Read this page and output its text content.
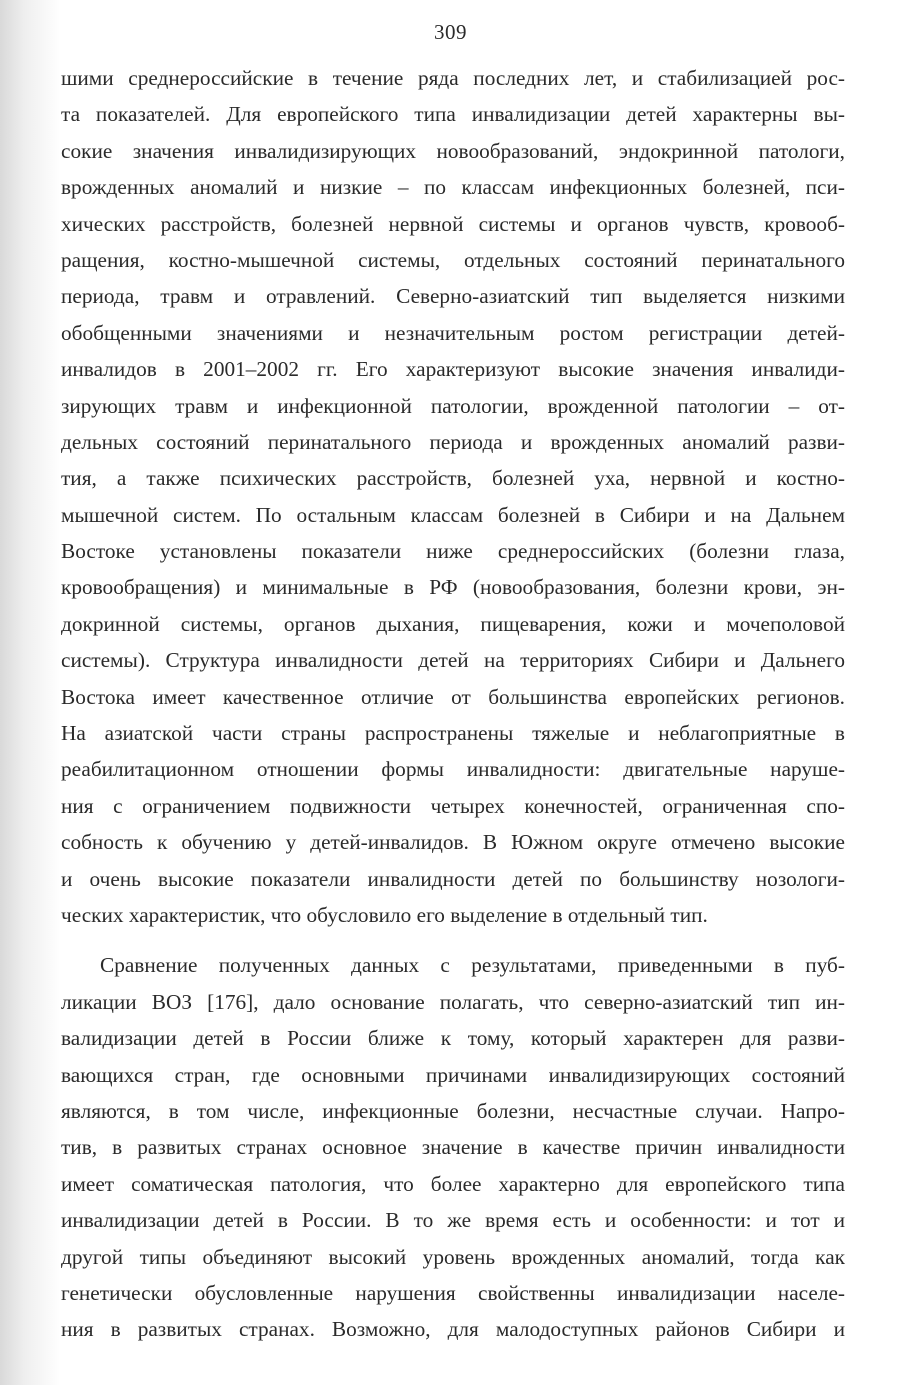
309
шими среднероссийские в течение ряда последних лет, и стабилизацией рос-
та показателей. Для европейского типа инвалидизации детей характерны вы-
сокие значения инвалидизирующих новообразований, эндокринной патологи,
врожденных аномалий и низкие – по классам инфекционных болезней, пси-
хических расстройств, болезней нервной системы и органов чувств, кровооб-
ращения, костно-мышечной системы, отдельных состояний перинатального
периода, травм и отравлений. Северно-азиатский тип выделяется низкими
обобщенными значениями и незначительным ростом регистрации детей-
инвалидов в 2001–2002 гг. Его характеризуют высокие значения инвалиди-
зирующих травм и инфекционной патологии, врожденной патологии – от-
дельных состояний перинатального периода и врожденных аномалий разви-
тия, а также психических расстройств, болезней уха, нервной и костно-
мышечной систем. По остальным классам болезней в Сибири и на Дальнем
Востоке установлены показатели ниже среднероссийских (болезни глаза,
кровообращения) и минимальные в РФ (новообразования, болезни крови, эн-
докринной системы, органов дыхания, пищеварения, кожи и мочеполовой
системы). Структура инвалидности детей на территориях Сибири и Дальнего
Востока имеет качественное отличие от большинства европейских регионов.
На азиатской части страны распространены тяжелые и неблагоприятные в
реабилитационном отношении формы инвалидности: двигательные наруше-
ния с ограничением подвижности четырех конечностей, ограниченная спо-
собность к обучению у детей-инвалидов. В Южном округе отмечено высокие
и очень высокие показатели инвалидности детей по большинству нозологи-
ческих характеристик, что обусловило его выделение в отдельный тип.
Сравнение полученных данных с результатами, приведенными в пуб-
ликации ВОЗ [176], дало основание полагать, что северно-азиатский тип ин-
валидизации детей в России ближе к тому, который характерен для разви-
вающихся стран, где основными причинами инвалидизирующих состояний
являются, в том числе, инфекционные болезни, несчастные случаи. Напро-
тив, в развитых странах основное значение в качестве причин инвалидности
имеет соматическая патология, что более характерно для европейского типа
инвалидизации детей в России. В то же время есть и особенности: и тот и
другой типы объединяют высокий уровень врожденных аномалий, тогда как
генетически обусловленные нарушения свойственны инвалидизации населе-
ния в развитых странах. Возможно, для малодоступных районов Сибири и
